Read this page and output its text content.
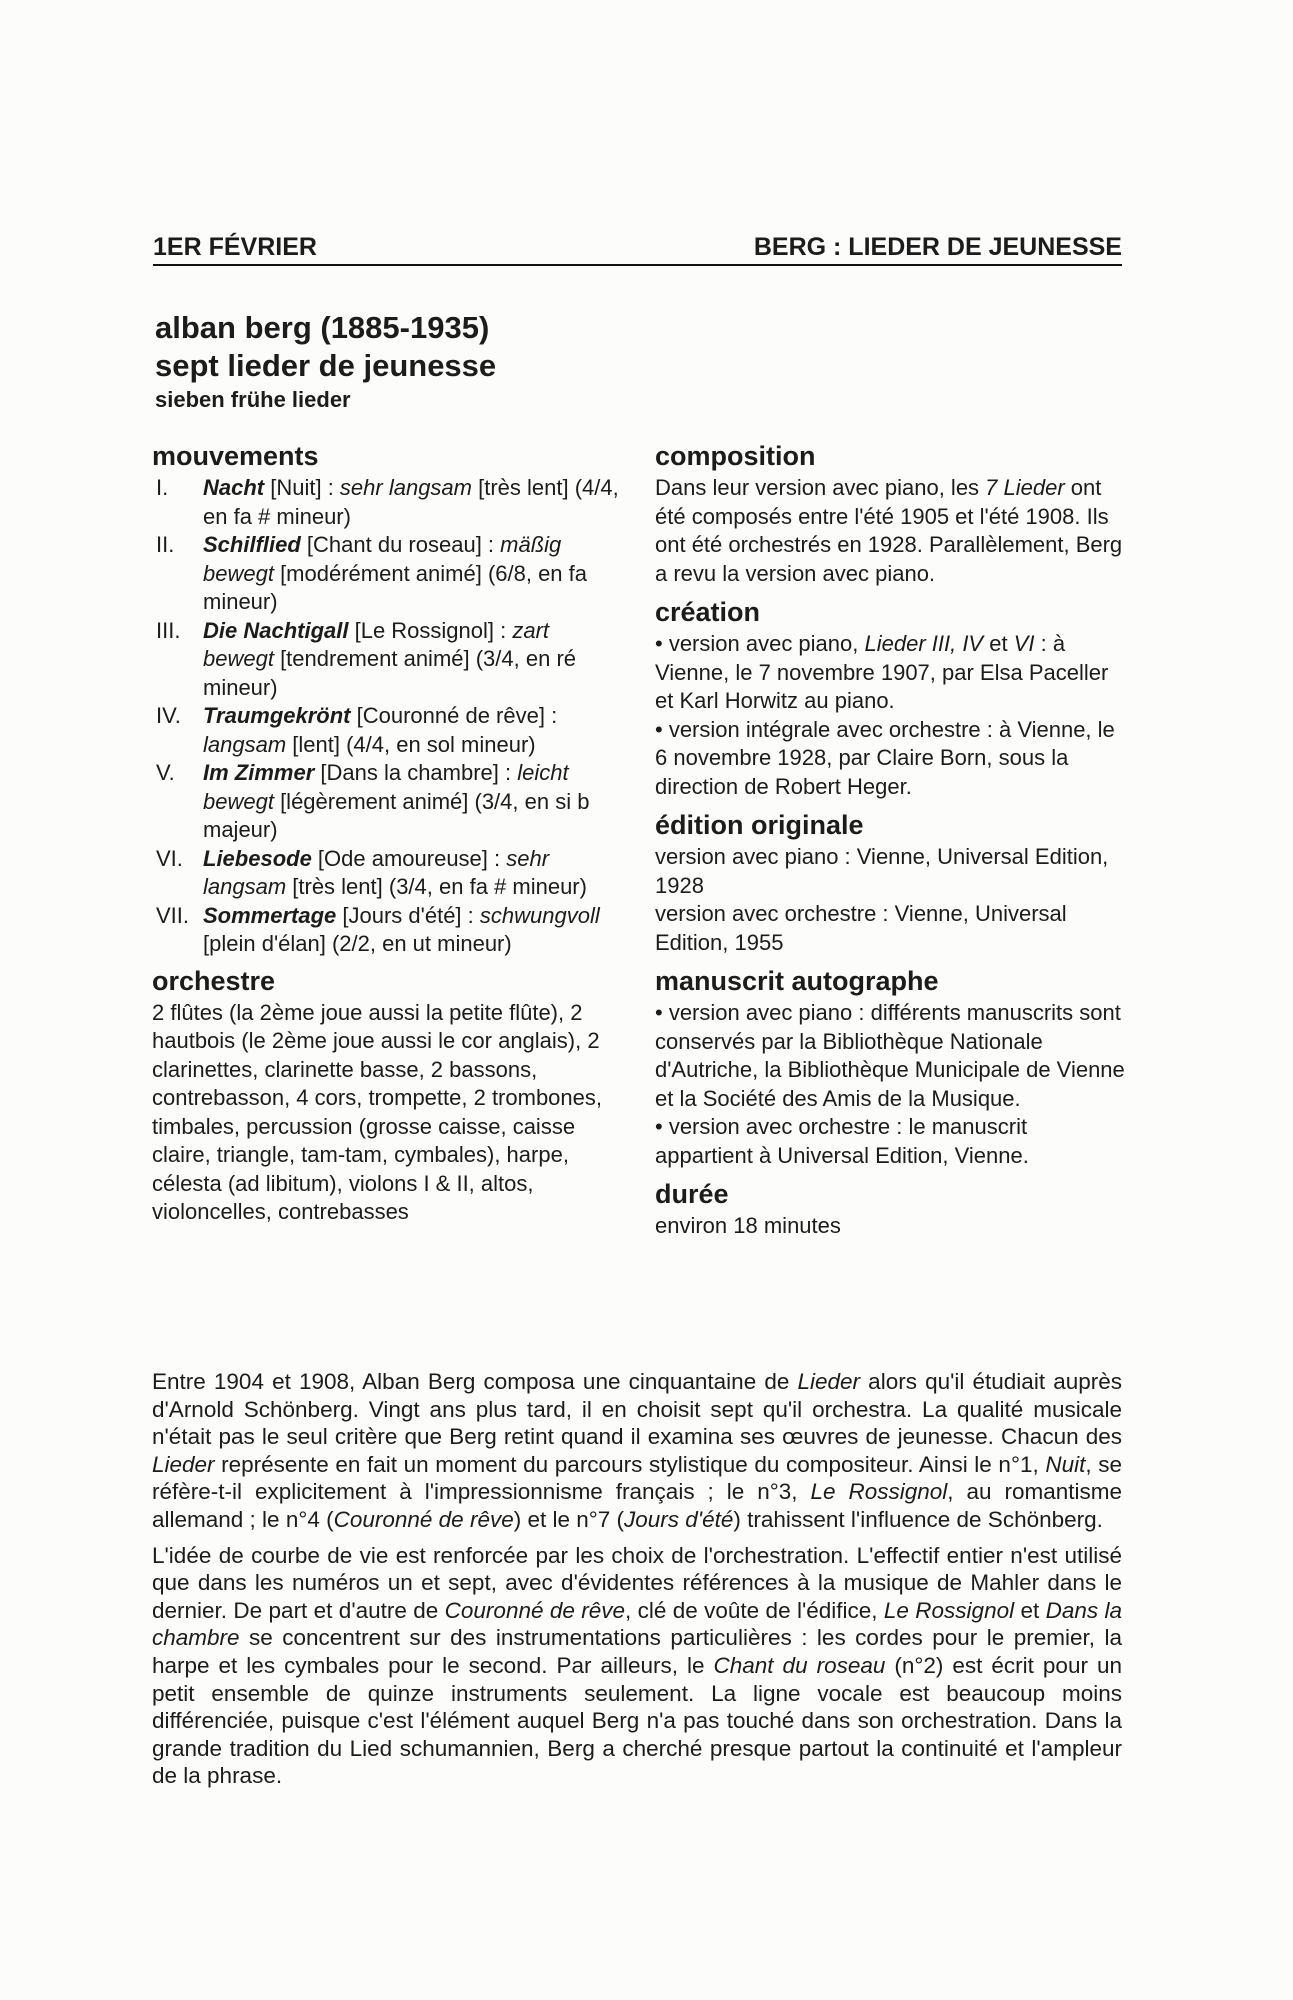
1ER FÉVRIER	BERG : LIEDER DE JEUNESSE
alban berg (1885-1935)
sept lieder de jeunesse
sieben frühe lieder
mouvements
I.	Nacht [Nuit] : sehr langsam [très lent] (4/4, en fa # mineur)
II.	Schilflied [Chant du roseau] : mäßig bewegt [modérément animé] (6/8, en fa mineur)
III.	Die Nachtigall [Le Rossignol] : zart bewegt [tendrement animé] (3/4, en ré mineur)
IV.	Traumgekrönt [Couronné de rêve] : langsam [lent] (4/4, en sol mineur)
V.	Im Zimmer [Dans la chambre] : leicht bewegt [légèrement animé] (3/4, en si b majeur)
VI. Liebesode [Ode amoureuse] : sehr langsam [très lent] (3/4, en fa # mineur)
VII. Sommertage [Jours d'été] : schwungvoll [plein d'élan] (2/2, en ut mineur)
orchestre
2 flûtes (la 2ème joue aussi la petite flûte), 2 hautbois (le 2ème joue aussi le cor anglais), 2 clarinettes, clarinette basse, 2 bassons, contrebasson, 4 cors, trompette, 2 trombones, timbales, percussion (grosse caisse, caisse claire, triangle, tam-tam, cymbales), harpe, célesta (ad libitum), violons I & II, altos, violoncelles, contrebasses
composition
Dans leur version avec piano, les 7 Lieder ont été composés entre l'été 1905 et l'été 1908. Ils ont été orchestrés en 1928. Parallèlement, Berg a revu la version avec piano.
création
• version avec piano, Lieder III, IV et VI : à Vienne, le 7 novembre 1907, par Elsa Paceller et Karl Horwitz au piano.
• version intégrale avec orchestre : à Vienne, le 6 novembre 1928, par Claire Born, sous la direction de Robert Heger.
édition originale
version avec piano : Vienne, Universal Edition, 1928
version avec orchestre : Vienne, Universal Edition, 1955
manuscrit autographe
• version avec piano : différents manuscrits sont conservés par la Bibliothèque Nationale d'Autriche, la Bibliothèque Municipale de Vienne et la Société des Amis de la Musique.
• version avec orchestre : le manuscrit appartient à Universal Edition, Vienne.
durée
environ 18 minutes

Entre 1904 et 1908, Alban Berg composa une cinquantaine de Lieder alors qu'il étudiait auprès d'Arnold Schönberg. Vingt ans plus tard, il en choisit sept qu'il orchestra. La qualité musicale n'était pas le seul critère que Berg retint quand il examina ses œuvres de jeunesse. Chacun des Lieder représente en fait un moment du parcours stylistique du compositeur. Ainsi le n°1, Nuit, se réfère-t-il explicitement à l'impressionnisme français ; le n°3, Le Rossignol, au romantisme allemand ; le n°4 (Couronné de rêve) et le n°7 (Jours d'été) trahissent l'influence de Schönberg.

L'idée de courbe de vie est renforcée par les choix de l'orchestration. L'effectif entier n'est utilisé que dans les numéros un et sept, avec d'évidentes références à la musique de Mahler dans le dernier. De part et d'autre de Couronné de rêve, clé de voûte de l'édifice, Le Rossignol et Dans la chambre se concentrent sur des instrumentations particulières : les cordes pour le premier, la harpe et les cymbales pour le second. Par ailleurs, le Chant du roseau (n°2) est écrit pour un petit ensemble de quinze instruments seulement. La ligne vocale est beaucoup moins différenciée, puisque c'est l'élément auquel Berg n'a pas touché dans son orchestration. Dans la grande tradition du Lied schumannien, Berg a cherché presque partout la continuité et l'ampleur de la phrase.
